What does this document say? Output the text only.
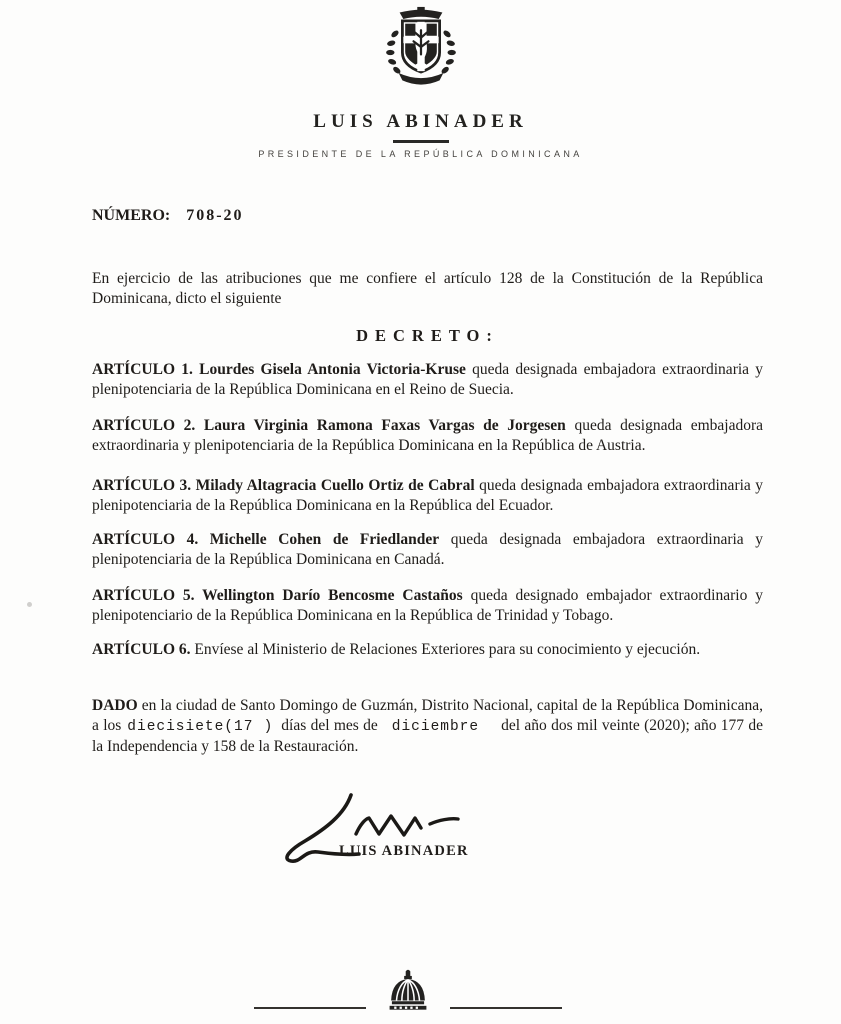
LUIS ABINADER
PRESIDENTE DE LA REPÚBLICA DOMINICANA
NÚMERO: 708-20

En ejercicio de las atribuciones que me confiere el artículo 128 de la Constitución de la República Dominicana, dicto el siguiente

DECRETO:

ARTÍCULO 1. Lourdes Gisela Antonia Victoria-Kruse queda designada embajadora extraordinaria y plenipotenciaria de la República Dominicana en el Reino de Suecia.

ARTÍCULO 2. Laura Virginia Ramona Faxas Vargas de Jorgesen queda designada embajadora extraordinaria y plenipotenciaria de la República Dominicana en la República de Austria.

ARTÍCULO 3. Milady Altagracia Cuello Ortiz de Cabral queda designada embajadora extraordinaria y plenipotenciaria de la República Dominicana en la República del Ecuador.

ARTÍCULO 4. Michelle Cohen de Friedlander queda designada embajadora extraordinaria y plenipotenciaria de la República Dominicana en Canadá.

ARTÍCULO 5. Wellington Darío Bencosme Castaños queda designado embajador extraordinario y plenipotenciario de la República Dominicana en la República de Trinidad y Tobago.

ARTÍCULO 6. Envíese al Ministerio de Relaciones Exteriores para su conocimiento y ejecución.

DADO en la ciudad de Santo Domingo de Guzmán, Distrito Nacional, capital de la República Dominicana, a los diecisiete(17 ) días del mes de diciembre del año dos mil veinte (2020); año 177 de la Independencia y 158 de la Restauración.

LUIS ABINADER
